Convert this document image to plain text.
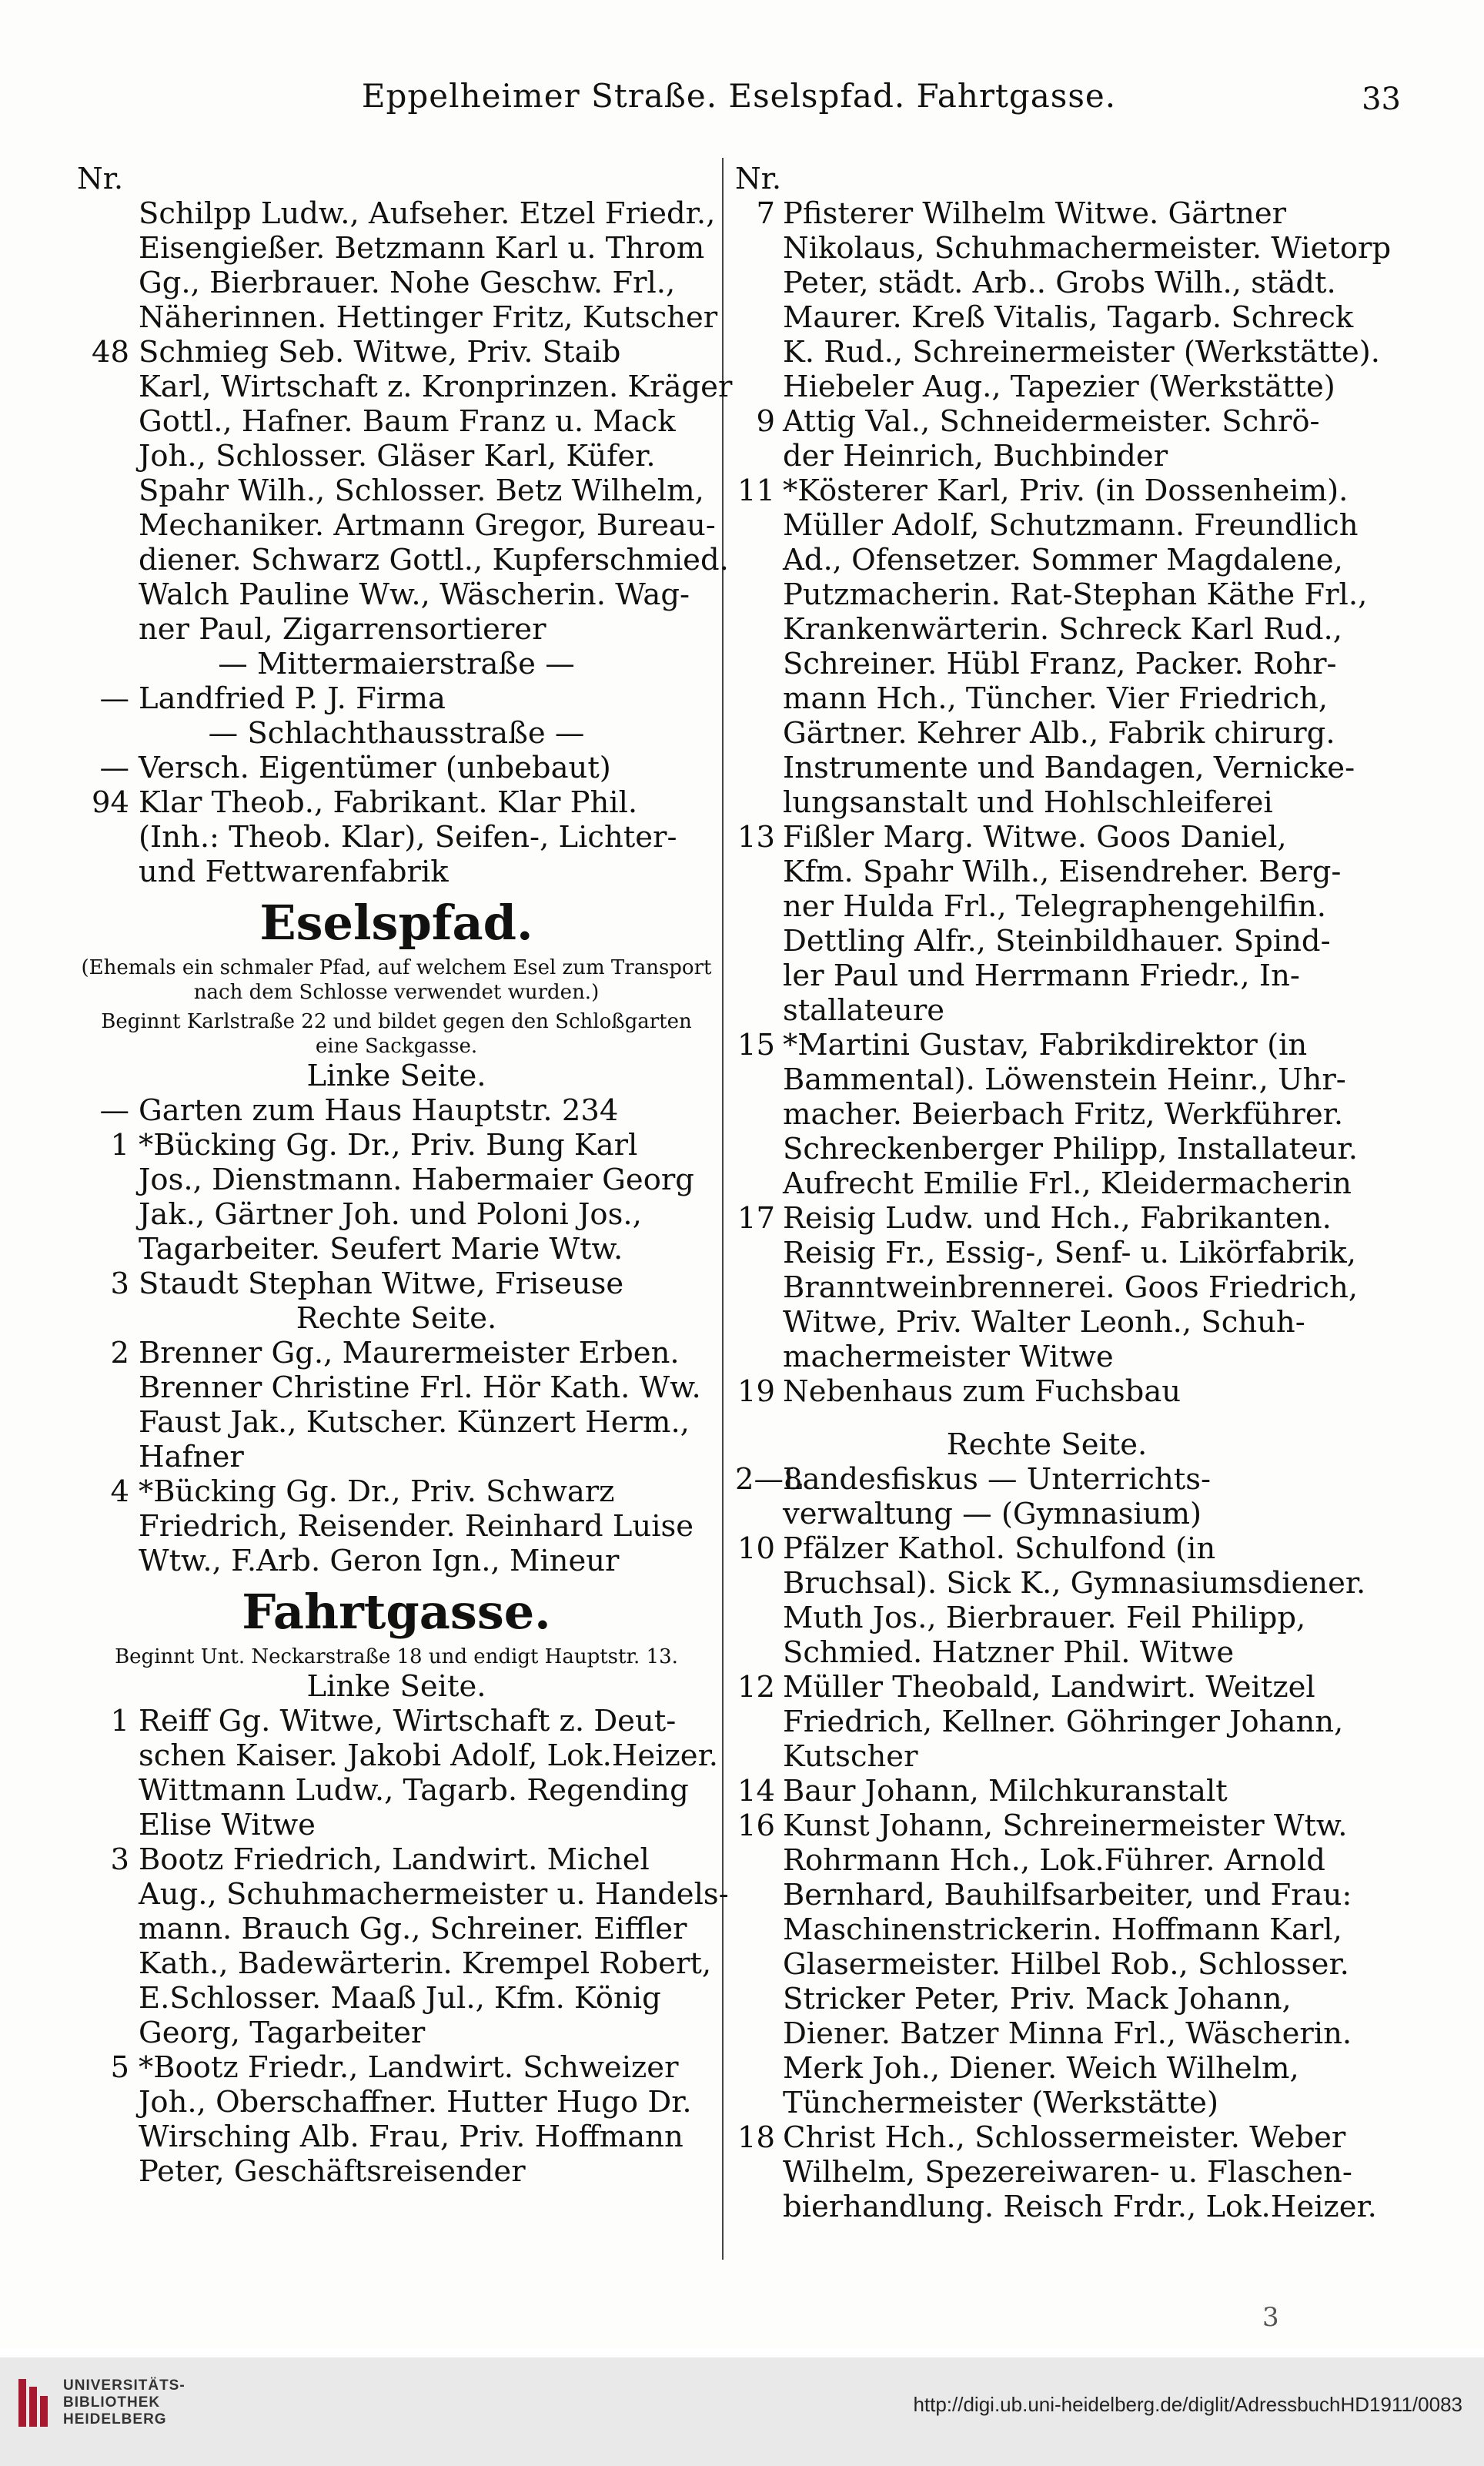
Eppelheimer Straße. Eselspfad. Fahrtgasse.	33
Nr.
Schilpp Ludw., Aufseher. Etzel Friedr.,
Eisengießer. Betzmann Karl u. Throm
Gg., Bierbrauer. Nohe Geschw. Frl.,
Näherinnen. Hettinger Fritz, Kutscher
48 Schmieg Seb. Witwe, Priv. Staib
Karl, Wirtschaft z. Kronprinzen. Kräger
Gottl., Hafner. Baum Franz u. Mack
Joh., Schlosser. Gläser Karl, Küfer.
Spahr Wilh., Schlosser. Betz Wilhelm,
Mechaniker. Artmann Gregor, Bureau-
diener. Schwarz Gottl., Kupferschmied.
Walch Pauline Ww., Wäscherin. Wag-
ner Paul, Zigarrensortierer
— Mittermaierstraße —
— Landfried P. J. Firma
— Schlachthausstraße —
— Versch. Eigentümer (unbebaut)
94 Klar Theob., Fabrikant. Klar Phil.
(Inh.: Theob. Klar), Seifen-, Lichter-
und Fettwarenfabrik
Eselspfad.
(Ehemals ein schmaler Pfad, auf welchem Esel zum Transport nach dem Schlosse verwendet wurden.)
Beginnt Karlstraße 22 und bildet gegen den Schloßgarten eine Sackgasse.
Linke Seite.
— Garten zum Haus Hauptstr. 234
1 *Bücking Gg. Dr., Priv. Bung Karl
Jos., Dienstmann. Habermaier Georg
Jak., Gärtner Joh. und Poloni Jos.,
Tagarbeiter. Seufert Marie Wtw.
3 Staudt Stephan Witwe, Friseuse
Rechte Seite.
2 Brenner Gg., Maurermeister Erben.
Brenner Christine Frl. Hör Kath. Ww.
Faust Jak., Kutscher. Künzert Herm.,
Hafner
4 *Bücking Gg. Dr., Priv. Schwarz
Friedrich, Reisender. Reinhard Luise
Wtw., F.Arb. Geron Ign., Mineur
Fahrtgasse.
Beginnt Unt. Neckarstraße 18 und endigt Hauptstr. 13.
Linke Seite.
1 Reiff Gg. Witwe, Wirtschaft z. Deut-
schen Kaiser. Jakobi Adolf, Lok.Heizer.
Wittmann Ludw., Tagarb. Regending
Elise Witwe
3 Bootz Friedrich, Landwirt. Michel
Aug., Schuhmachermeister u. Handels-
mann. Brauch Gg., Schreiner. Eiffler
Kath., Badewärterin. Krempel Robert,
E.Schlosser. Maaß Jul., Kfm. König
Georg, Tagarbeiter
5 *Bootz Friedr., Landwirt. Schweizer
Joh., Oberschaffner. Hutter Hugo Dr.
Wirsching Alb. Frau, Priv. Hoffmann
Peter, Geschäftsreisender
Nr.
7 Pfisterer Wilhelm Witwe. Gärtner
Nikolaus, Schuhmachermeister. Wietorp
Peter, städt. Arb.. Grobs Wilh., städt.
Maurer. Kreß Vitalis, Tagarb. Schreck
K. Rud., Schreinermeister (Werkstätte).
Hiebeler Aug., Tapezier (Werkstätte)
9 Attig Val., Schneidermeister. Schrö-
der Heinrich, Buchbinder
11 *Kösterer Karl, Priv. (in Dossenheim).
Müller Adolf, Schutzmann. Freundlich
Ad., Ofensetzer. Sommer Magdalene,
Putzmacherin. Rat-Stephan Käthe Frl.,
Krankenwärterin. Schreck Karl Rud.,
Schreiner. Hübl Franz, Packer. Rohr-
mann Hch., Tüncher. Vier Friedrich,
Gärtner. Kehrer Alb., Fabrik chirurg.
Instrumente und Bandagen, Vernicke-
lungsanstalt und Hohlschleiferei
13 Fißler Marg. Witwe. Goos Daniel,
Kfm. Spahr Wilh., Eisendreher. Berg-
ner Hulda Frl., Telegraphengehilfin.
Dettling Alfr., Steinbildhauer. Spind-
ler Paul und Herrmann Friedr., In-
stallateure
15 *Martini Gustav, Fabrikdirektor (in
Bammental). Löwenstein Heinr., Uhr-
macher. Beierbach Fritz, Werkführer.
Schreckenberger Philipp, Installateur.
Aufrecht Emilie Frl., Kleidermacherin
17 Reisig Ludw. und Hch., Fabrikanten.
Reisig Fr., Essig-, Senf- u. Likörfabrik,
Branntweinbrennerei. Goos Friedrich,
Witwe, Priv. Walter Leonh., Schuh-
machermeister Witwe
19 Nebenhaus zum Fuchsbau
Rechte Seite.
2—8
Landesfiskus — Unterrichts-
verwaltung — (Gymnasium)
10 Pfälzer Kathol. Schulfond (in
Bruchsal). Sick K., Gymnasiumsdiener.
Muth Jos., Bierbrauer. Feil Philipp,
Schmied. Hatzner Phil. Witwe
12 Müller Theobald, Landwirt. Weitzel
Friedrich, Kellner. Göhringer Johann,
Kutscher
14 Baur Johann, Milchkuranstalt
16 Kunst Johann, Schreinermeister Wtw.
Rohrmann Hch., Lok.Führer. Arnold
Bernhard, Bauhilfsarbeiter, und Frau:
Maschinenstrickerin. Hoffmann Karl,
Glasermeister. Hilbel Rob., Schlosser.
Stricker Peter, Priv. Mack Johann,
Diener. Batzer Minna Frl., Wäscherin.
Merk Joh., Diener. Weich Wilhelm,
Tünchermeister (Werkstätte)
18 Christ Hch., Schlossermeister. Weber
Wilhelm, Spezereiwaren- u. Flaschen-
bierhandlung. Reisch Frdr., Lok.Heizer.
3
UNIVERSITÄTS-
BIBLIOTHEK
HEIDELBERG
http://digi.ub.uni-heidelberg.de/diglit/AdressbuchHD1911/0083
